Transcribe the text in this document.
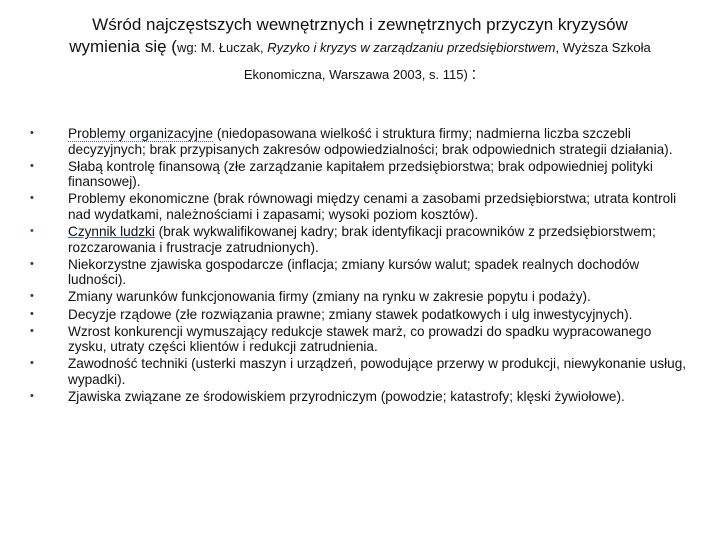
Wśród najczęstszych wewnętrznych i zewnętrznych przyczyn kryzysów
wymienia się (wg: M. Łuczak, Ryzyko i kryzys w zarządzaniu przedsiębiorstwem, Wyższa Szkoła
Ekonomiczna, Warszawa 2003, s. 115) :
•	Problemy organizacyjne (niedopasowana wielkość i struktura firmy; nadmierna liczba szczebli decyzyjnych; brak przypisanych zakresów odpowiedzialności; brak odpowiednich strategii działania).
•	Słabą kontrolę finansową (złe zarządzanie kapitałem przedsiębiorstwa; brak odpowiedniej polityki finansowej).
•	Problemy ekonomiczne (brak równowagi między cenami a zasobami przedsiębiorstwa; utrata kontroli nad wydatkami, należnościami i zapasami; wysoki poziom kosztów).
•	Czynnik ludzki (brak wykwalifikowanej kadry; brak identyfikacji pracowników z przedsiębiorstwem; rozczarowania i frustracje zatrudnionych).
•	Niekorzystne zjawiska gospodarcze (inflacja; zmiany kursów walut; spadek realnych dochodów ludności).
•	Zmiany warunków funkcjonowania firmy (zmiany na rynku w zakresie popytu i podaży).
•	Decyzje rządowe (złe rozwiązania prawne; zmiany stawek podatkowych i ulg inwestycyjnych).
•	Wzrost konkurencji wymuszający redukcje stawek marż, co prowadzi do spadku wypracowanego zysku, utraty części klientów i redukcji zatrudnienia.
•	Zawodność techniki (usterki maszyn i urządzeń, powodujące przerwy w produkcji, niewykonanie usług, wypadki).
•	Zjawiska związane ze środowiskiem przyrodniczym (powodzie; katastrofy; klęski żywiołowe).
